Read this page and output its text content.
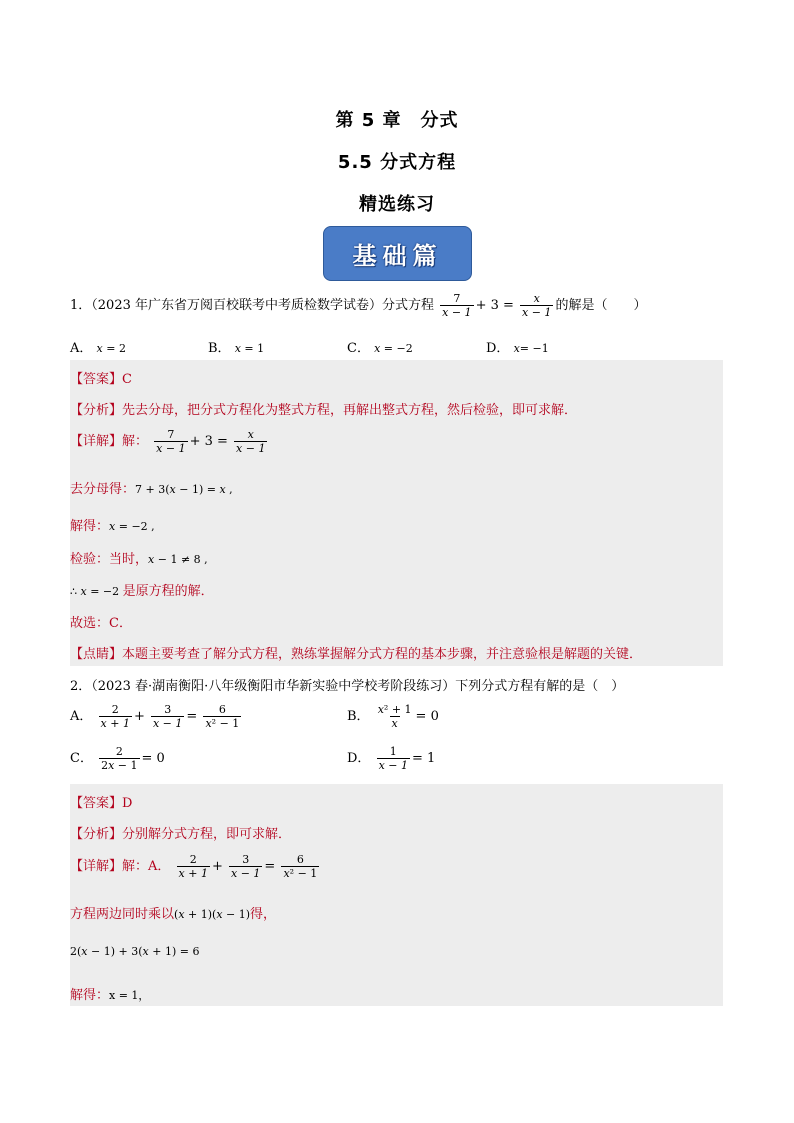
第 5 章　分式
5.5 分式方程
精选练习
基础篇
1．（2023 年广东省万阅百校联考中考质检数学试卷）分式方程 $\frac{7}{x - 1} + 3 = \frac{x}{x - 1}$ 的解是（　　）
A． x = 2	B． x = 1	C． x = −2	D． x= −1
【答案】C
【分析】先去分母，把分式方程化为整式方程，再解出整式方程，然后检验，即可求解．
【详解】解： $\frac{7}{x - 1} + 3 = \frac{x}{x - 1}$
去分母得：7 + 3(x − 1) = x ,
解得：x = −2 ,
检验：当时，x − 1 ≠ 8 ,
∴ x = −2 是原方程的解．
故选：C．
【点睛】本题主要考查了解分式方程，熟练掌握解分式方程的基本步骤，并注意验根是解题的关键．
2．（2023 春·湖南衡阳·八年级衡阳市华新实验中学校考阶段练习）下列分式方程有解的是（　）
A． $\frac{2}{x + 1} + \frac{3}{x - 1} = \frac{6}{\text{x² − 1}}$	B． $\frac{\text{x² + 1}}{x} = 0$
C． $\frac{2}{2x - 1} = 0$	D． $\frac{1}{x - 1} = 1$
【答案】D
【分析】分别解分式方程，即可求解．
【详解】解：A． $\frac{2}{x + 1} + \frac{3}{x - 1} = \frac{6}{\text{x² − 1}}$
方程两边同时乘以(x + 1)(x − 1)得，
2(x − 1) + 3(x + 1) = 6
解得：x = 1，
